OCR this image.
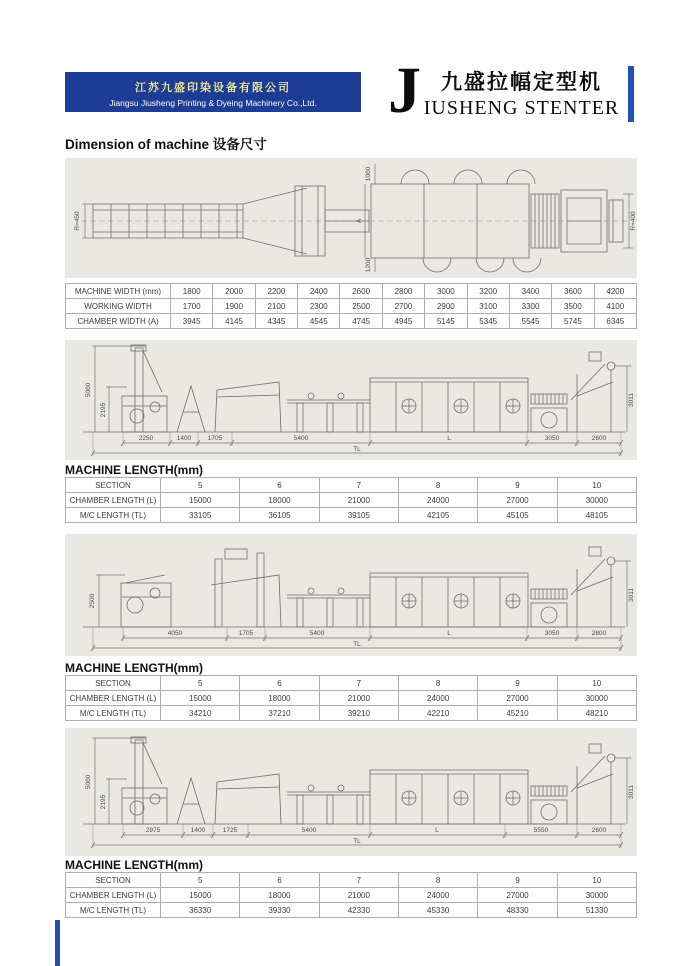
江苏九盛印染设备有限公司
Jiangsu Jiusheng Printing & Dyeing Machinery Co.,Ltd.	J 九盛拉幅定型机
IUSHENG STENTER
Dimension of machine 设备尺寸
R=450
1000
1200
A	R=400
MACHINE WIDTH (mm)	1800	2000	2200	2400	2600	2800	3000	3200	3400	3600	4200
WORKING WIDTH	1700	1900	2100	2300	2500	2700	2900	3100	3300	3500	4100
CHAMBER WIDTH (A)	3945	4145	4345	4545	4745	4945	5145	5345	5545	5745	6345
2250	1400	1705	5400	L	3050	2600
TL
5000
2195
3011
MACHINE LENGTH(mm)
SECTION	5	6	7	8	9	10
CHAMBER LENGTH (L)	15000	18000	21000	24000	27000	30000
M/C LENGTH (TL)	33105	36105	39105	42105	45105	48105
4050	1705	5400	L	3050	2800
TL
2500	3011
MACHINE LENGTH(mm)
SECTION	5	6	7	8	9	10
CHAMBER LENGTH (L)	15000	18000	21000	24000	27000	30000
M/C LENGTH (TL)	34210	37210	39210	42210	45210	48210
2975	1400	1725	5400	L	5550	2600
TL
5000
2195
3011
MACHINE LENGTH(mm)
SECTION	5	6	7	8	9	10
CHAMBER LENGTH (L)	15000	18000	21000	24000	27000	30000
M/C LENGTH (TL)	36330	39330	42330	45330	48330	51330
